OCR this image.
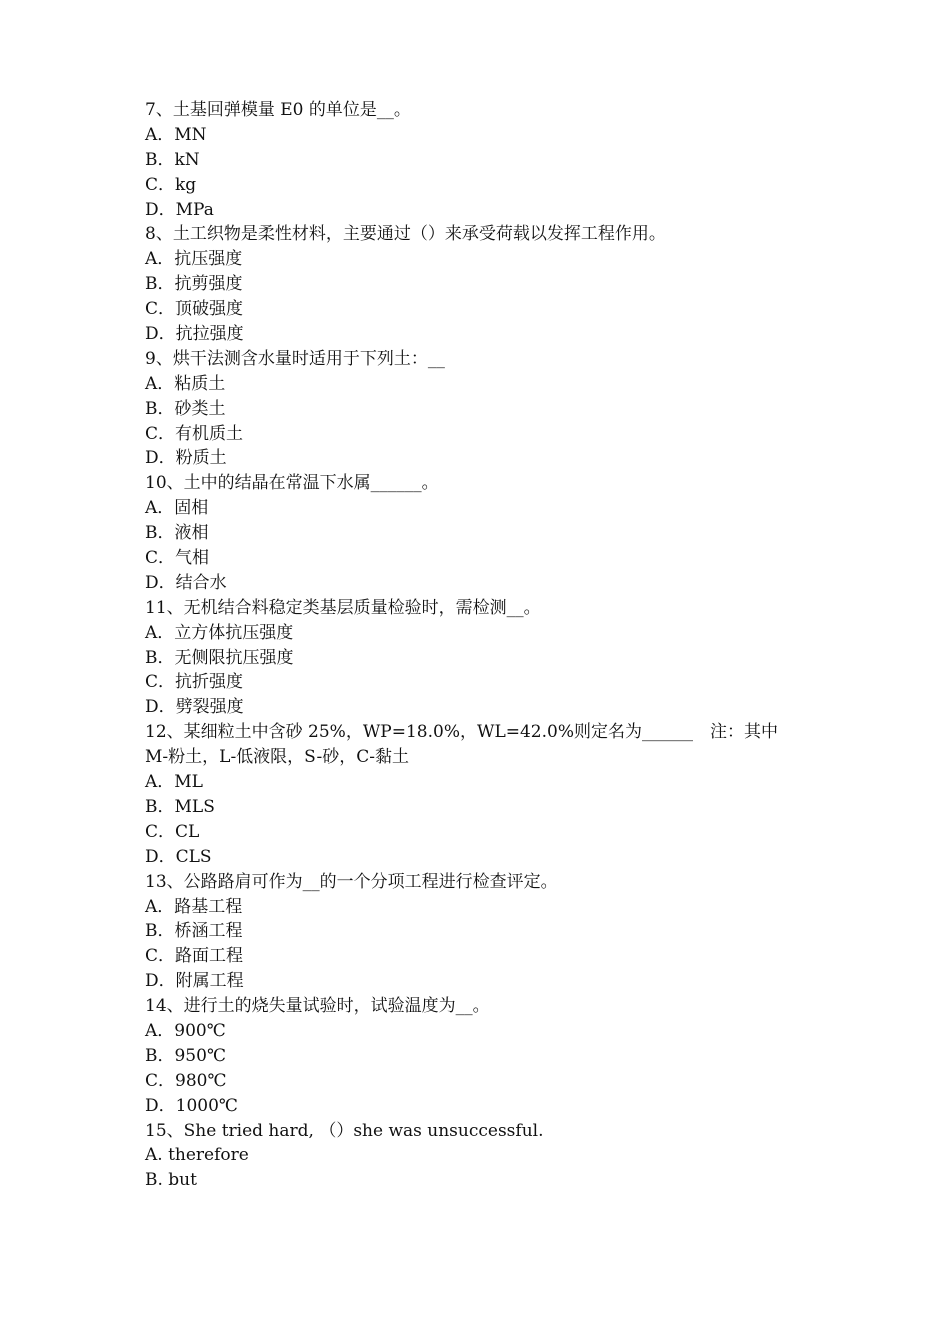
7、土基回弹模量 E0 的单位是__。
A．MN
B．kN
C．kg
D．MPa
8、土工织物是柔性材料，主要通过（）来承受荷载以发挥工程作用。
A．抗压强度
B．抗剪强度
C．顶破强度
D．抗拉强度
9、烘干法测含水量时适用于下列土：__
A．粘质土
B．砂类土
C．有机质土
D．粉质土
10、土中的结晶在常温下水属______。
A．固相
B．液相
C．气相
D．结合水
11、无机结合料稳定类基层质量检验时，需检测__。
A．立方体抗压强度
B．无侧限抗压强度
C．抗折强度
D．劈裂强度
12、某细粒土中含砂 25%，WP=18.0%，WL=42.0%则定名为______　注：其中
M-粉土，L-低液限，S-砂，C-黏土
A．ML
B．MLS
C．CL
D．CLS
13、公路路肩可作为__的一个分项工程进行检查评定。
A．路基工程
B．桥涵工程
C．路面工程
D．附属工程
14、进行土的烧失量试验时，试验温度为__。
A．900℃
B．950℃
C．980℃
D．1000℃
15、She tried hard, （）she was unsuccessful.
A. therefore
B. but
